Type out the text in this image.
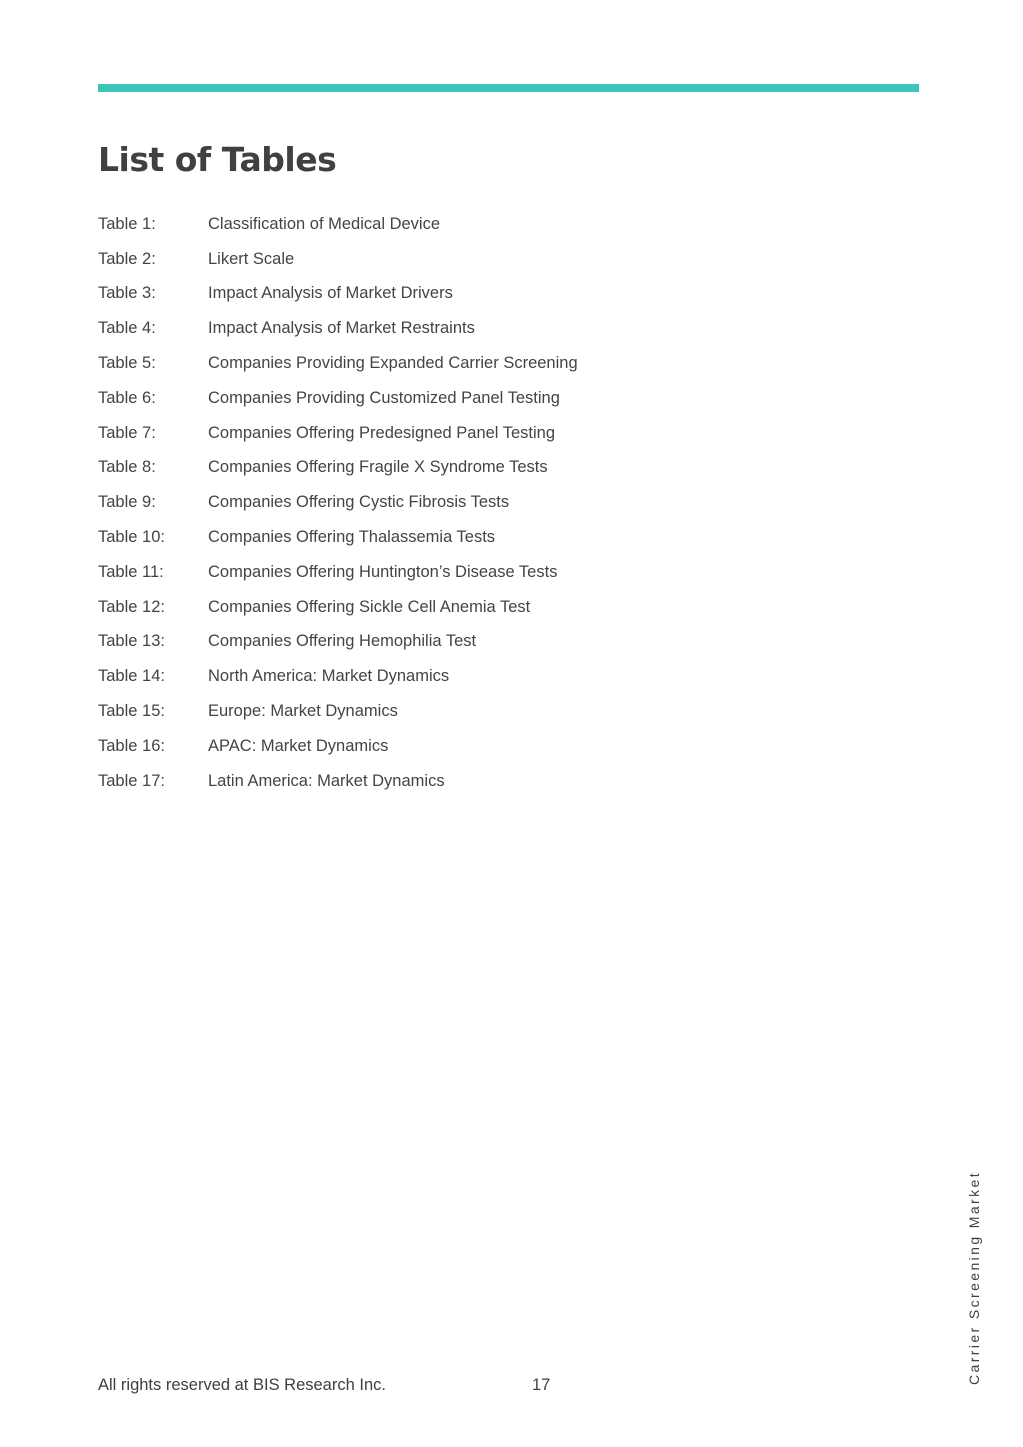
List of Tables
Table 1:	Classification of Medical Device
Table 2:	Likert Scale
Table 3:	Impact Analysis of Market Drivers
Table 4:	Impact Analysis of Market Restraints
Table 5:	Companies Providing Expanded Carrier Screening
Table 6:	Companies Providing Customized Panel Testing
Table 7:	Companies Offering Predesigned Panel Testing
Table 8:	Companies Offering Fragile X Syndrome Tests
Table 9:	Companies Offering Cystic Fibrosis Tests
Table 10:	Companies Offering Thalassemia Tests
Table 11:	Companies Offering Huntington’s Disease Tests
Table 12:	Companies Offering Sickle Cell Anemia Test
Table 13:	Companies Offering Hemophilia Test
Table 14:	North America: Market Dynamics
Table 15:	Europe: Market Dynamics
Table 16:	APAC: Market Dynamics
Table 17:	Latin America: Market Dynamics
Carrier Screening Market
All rights reserved at BIS Research Inc.	17
